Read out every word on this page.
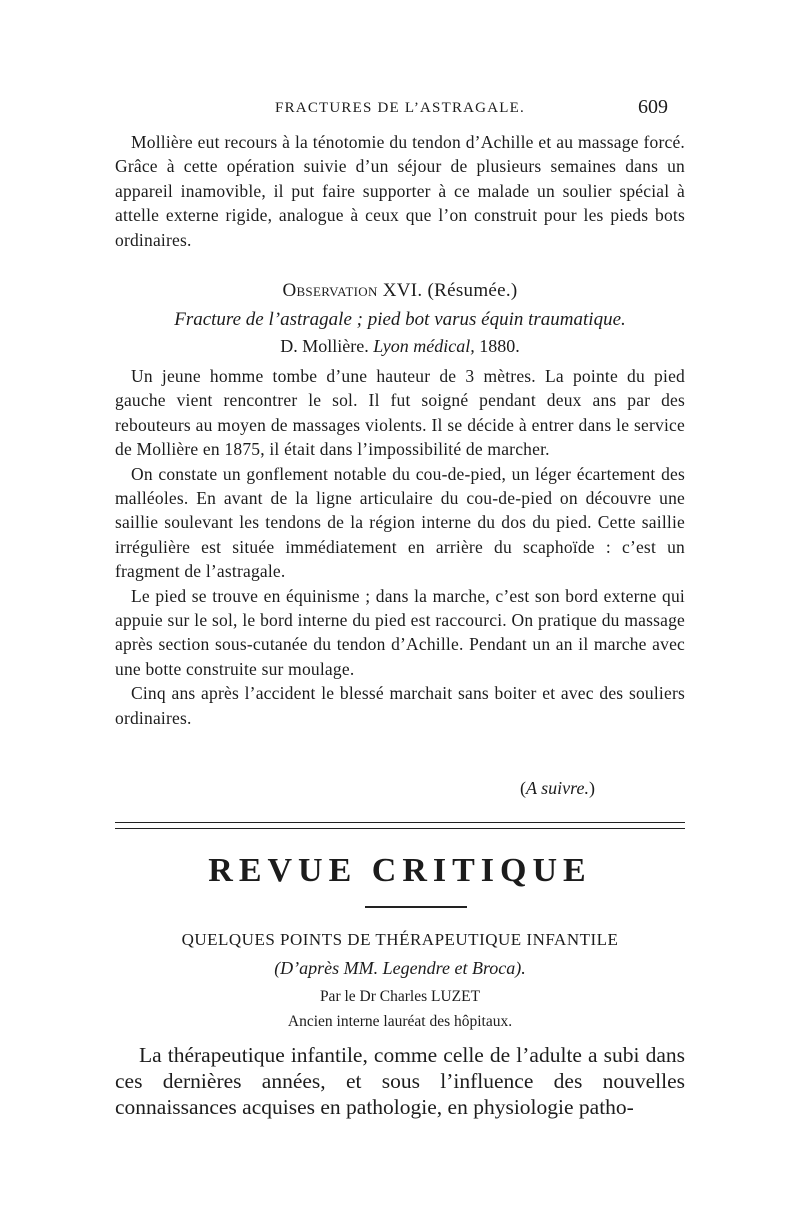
FRACTURES DE L’ASTRAGALE.	609

Mollière eut recours à la ténotomie du tendon d’Achille et au massage forcé. Grâce à cette opération suivie d’un séjour de plusieurs semaines dans un appareil inamovible, il put faire supporter à ce malade un soulier spécial à attelle externe rigide, analogue à ceux que l’on construit pour les pieds bots ordinaires.

Observation XVI. (Résumée.)
Fracture de l’astragale ; pied bot varus équin traumatique.
D. Mollière. Lyon médical, 1880.

Un jeune homme tombe d’une hauteur de 3 mètres. La pointe du pied gauche vient rencontrer le sol. Il fut soigné pendant deux ans par des rebouteurs au moyen de massages violents. Il se décide à entrer dans le service de Mollière en 1875, il était dans l’impossibilité de marcher.

On constate un gonflement notable du cou-de-pied, un léger écartement des malléoles. En avant de la ligne articulaire du cou-de-pied on découvre une saillie soulevant les tendons de la région interne du dos du pied. Cette saillie irrégulière est située immédiatement en arrière du scaphoïde : c’est un fragment de l’astragale.

Le pied se trouve en équinisme ; dans la marche, c’est son bord externe qui appuie sur le sol, le bord interne du pied est raccourci. On pratique du massage après section sous-cutanée du tendon d’Achille. Pendant un an il marche avec une botte construite sur moulage.

Cinq ans après l’accident le blessé marchait sans boiter et avec des souliers ordinaires.

(A suivre.)
REVUE CRITIQUE
QUELQUES POINTS DE THÉRAPEUTIQUE INFANTILE
(D’après MM. Legendre et Broca).
Par le Dr Charles LUZET
Ancien interne lauréat des hôpitaux.

La thérapeutique infantile, comme celle de l’adulte a subi dans ces dernières années, et sous l’influence des nouvelles connaissances acquises en pathologie, en physiologie patho-
